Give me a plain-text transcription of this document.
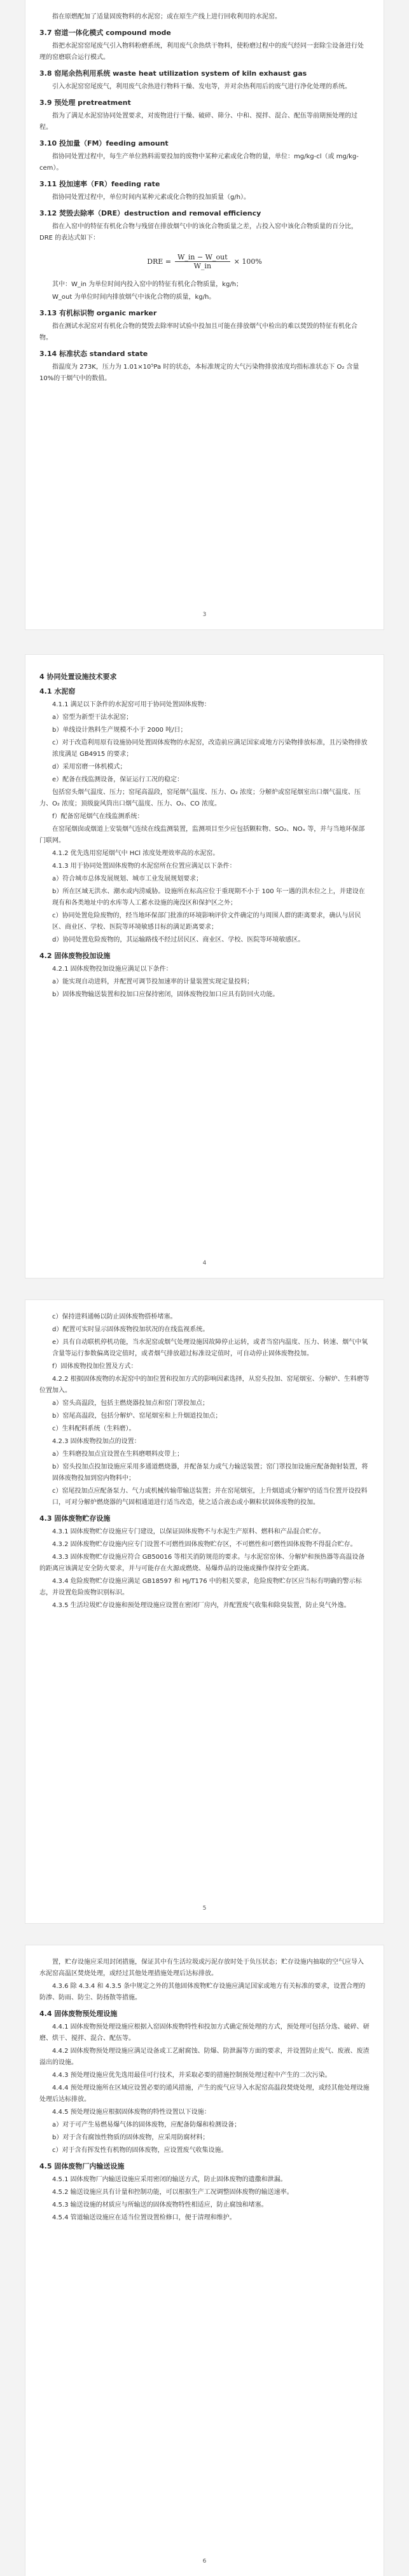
指在原燃配加了适量固废物料的水泥窑；或在原生产线上进行回收利用的水泥窑。

3.7 窑道一体化模式 compound mode

指把水泥窑窑尾废气引入物料粉磨系统，利用废气余热烘干物料，使粉磨过程中的废气经同一套除尘设备进行处理的窑磨联合运行模式。

3.8 窑尾余热利用系统 waste heat utilization system of kiln exhaust gas

引入水泥窑窑尾废气，利用废气余热进行物料干燥、发电等，并对余热利用后的废气进行净化处理的系统。

3.9 预处理 pretreatment

指为了满足水泥窑协同处置要求，对废物进行干燥、破碎、筛分、中和、搅拌、混合、配伍等前期预处理的过程。

3.10 投加量（FM）feeding amount

指协同处置过程中，每生产单位熟料需要投加的废物中某种元素或化合物的量，单位：mg/kg-cl（或 mg/kg-cem）。

3.11 投加速率（FR）feeding rate

指协同处置过程中，单位时间内某种元素或化合物的投加质量（g/h）。

3.12 焚毁去除率（DRE）destruction and removal efficiency

指在入窑中的特征有机化合物与残留在排放烟气中的该化合物质量之差，占投入窑中该化合物质量的百分比，DRE 的表达式如下：

DRE = $\frac{\text{W\_in − W\_out}}{W\_in} \times 100\%$

其中：W_in 为单位时间内投入窑中的特征有机化合物质量，kg/h；

W_out 为单位时间内排放烟气中该化合物的质量，kg/h。

3.13 有机标识物 organic marker

指在测试水泥窑对有机化合物的焚毁去除率时试验中投加且可能在排放烟气中检出的难以焚毁的特征有机化合物。

3.14 标准状态 standard state

指温度为 273K，压力为 1.01×10⁵Pa 时的状态，本标准规定的大气污染物排放浓度均指标准状态下 O₂ 含量 10%的干烟气中的数值。

3
4 协同处置设施技术要求
4.1 水泥窑

4.1.1 满足以下条件的水泥窑可用于协同处置固体废物：

a）窑型为新型干法水泥窑；

b）单线设计熟料生产规模不小于 2000 吨/日；

c）对于改造利用原有设施协同处置固体废物的水泥窑，改造前应满足国家或地方污染物排放标准，且污染物排放浓度满足 GB4915 的要求；

d）采用窑磨一体机模式；

e）配备在线监测设备，保证运行工况的稳定：

包括窑头烟气温度、压力；窑尾高温段，窑尾烟气温度、压力、O₂ 浓度；分解炉或窑尾烟室出口烟气温度、压力、O₂ 浓度；顶级旋风筒出口烟气温度、压力、O₂、CO 浓度。

f）配备窑尾烟气在线监测系统：

在窑尾烟囱或烟道上安装烟气连续在线监测装置，监测项目至少应包括颗粒物、SO₂、NOₓ 等，并与当地环保部门联网。

4.1.2 优先选用窑尾烟气中 HCl 浓度处理效率高的水泥窑。

4.1.3 用于协同处置固体废物的水泥窑所在位置应满足以下条件：

a）符合城市总体发展规划、城市工业发展规划要求；

b）所在区域无洪水、潮水或内涝威胁。设施所在标高应位于重现期不小于 100 年一遇的洪水位之上，并建设在现有和各类地址中的水库等人工蓄水设施的淹没区和保护区之外；

c）协同处置危险废物的，经当地环保部门批准的环境影响评价文件确定的与周围人群的距离要求，确认与居民区、商业区、学校、医院等环境敏感目标的满足距离要求；

d）协同处置危险废物的，其运输路线不经过居民区、商业区、学校、医院等环境敏感区。

4.2 固体废物投加设施

4.2.1 固体废物投加设施应满足以下条件：

a）能实现自动进料，并配置可调节投加速率的计量装置实现定量投料；

b）固体废物输送装置和投加口应保持密闭，固体废物投加口应具有防回火功能。

4

c）保持进料通畅以防止固体废物搭桥堵塞。

d）配置可实时显示固体废物投加状况的在线监视系统。

e）具有自动联机停机功能，当水泥窑或烟气处理设施因故障停止运转，或者当窑内温度、压力、转速、烟气中氧含量等运行参数偏离设定值时，或者烟气排放超过标准设定值时，可自动停止固体废物投加。

f）固体废物投加位置及方式：

4.2.2 根据固体废物的水泥窑中的加位置和投加方式的影响因素选择，从窑头投加、窑尾烟室、分解炉、生料磨等位置加入。

a）窑头高温段，包括主燃烧器投加点和窑门罩投加点；

b）窑尾高温段，包括分解炉、窑尾烟室和上升烟道投加点；

c）生料配料系统（生料磨）。

4.2.3 固体废物投加点的设置：

a）生料磨投加点宜设置在生料磨喂料皮带上；

b）窑头投加点投加设施应采用多通道燃烧器，并配备泵力或气力输送装置；窑门罩投加设施应配备抛射装置，将固体废物投加到窑内物料中；

c）窑尾投加点应配备泵力、气力或机械传输带输送装置；并在窑尾烟室，上升烟道或分解炉的适当位置开设投料口，可对分解炉燃烧器的气固相通道进行适当改造，使之适合液态或小颗粒状固体废物的投加。

4.3 固体废物贮存设施

4.3.1 固体废物贮存设施应专门建设，以保证固体废物不与水泥生产原料、燃料和产品混合贮存。

4.3.2 固体废物贮存设施内应专门设置不可燃性固体废物贮存区，不可燃性和可燃性固体废物不得混合贮存。

4.3.3 固体废物贮存设施应符合 GB50016 等相关消防规范的要求。与水泥窑窑体、分解炉和预热器等高温设备的距离应该满足安全防火要求，并与可能存在火源或燃烧、易爆炸品的设施或操作保持安全距离。

4.3.4 危险废物贮存设施应满足 GB18597 和 HJ/T176 中的相关要求，危险废物贮存区应当标有明确的警示标志，并设置危险废物识别标识。

4.3.5 生活垃圾贮存设施和预处理设施应设置在密闭厂房内，并配置废气收集和除臭装置，防止臭气外逸。

5

置，贮存设施应采用封闭措施，保证其中有生活垃圾或污泥存放时处于负压状态；贮存设施内抽取的空气应导入水泥窑高温区焚烧处理，或经过其他处理措施处理后达标排放。

4.3.6 除 4.3.4 和 4.3.5 条中规定之外的其他固体废物贮存设施应满足国家或地方有关标准的要求，设置合理的防渗、防雨、防尘、防扬散等措施。

4.4 固体废物预处理设施

4.4.1 固体废物预处理设施应根据入窑固体废物特性和投加方式确定预处理的方式，预处理可包括分选、破碎、研磨、烘干、搅拌、混合、配伍等。

4.4.2 固体废物预处理设施应满足设备或工艺耐腐蚀、防爆、防泄漏等方面的要求，并设置防止废气、废液、废渣溢出的设施。

4.4.3 预处理设施应优先选用最佳可行技术，并采取必要的措施控制预处理过程中产生的二次污染。

4.4.4 预处理设施所在区域应设置必要的通风措施，产生的废气应导入水泥窑高温段焚烧处理，或经其他处理设施处理后达标排放。

4.4.5 预处理设施应根据固体废物的特性设置以下设施：

a）对于可产生易燃易爆气体的固体废物，应配备防爆和检测设备；

b）对于含有腐蚀性物质的固体废物，应采用防腐材料；

c）对于含有挥发性有机物的固体废物，应设置废气收集设施。

4.5 固体废物厂内输送设施

4.5.1 固体废物厂内输送设施应采用密闭的输送方式，防止固体废物的遗撒和泄漏。

4.5.2 输送设施应具有计量和控制功能，可以根据生产工况调整固体废物的输送速率。

4.5.3 输送设施的材质应与所输送的固体废物特性相适应，防止腐蚀和堵塞。

4.5.4 管道输送设施应在适当位置设置检修口，便于清理和维护。

6
